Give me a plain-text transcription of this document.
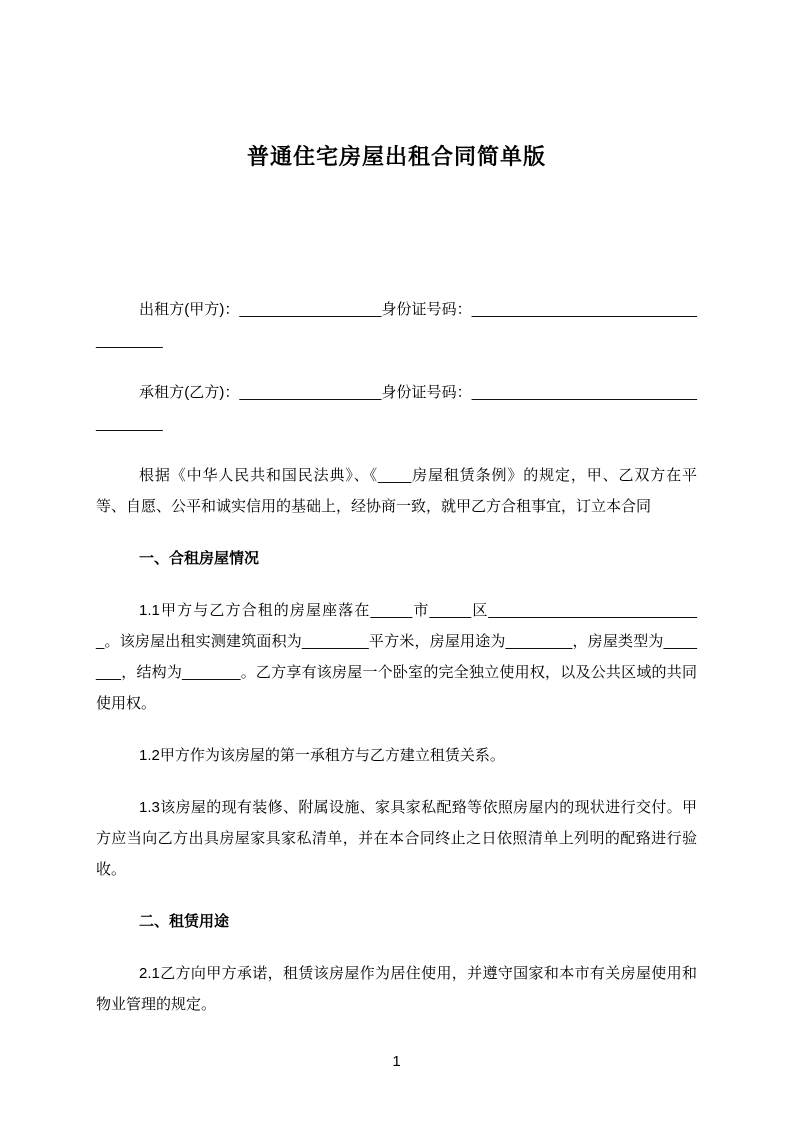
普通住宅房屋出租合同简单版

出租方(甲方)：_________________身份证号码：___________________________________

承租方(乙方)：_________________身份证号码：___________________________________

根据《中华人民共和国民法典》、《____房屋租赁条例》的规定，甲、乙双方在平等、自愿、公平和诚实信用的基础上，经协商一致，就甲乙方合租事宜，订立本合同

一、合租房屋情况

1.1甲方与乙方合租的房屋座落在_____市_____区__________________________。该房屋出租实测建筑面积为________平方米，房屋用途为________，房屋类型为_______，结构为_______。乙方享有该房屋一个卧室的完全独立使用权，以及公共区域的共同使用权。

1.2甲方作为该房屋的第一承租方与乙方建立租赁关系。

1.3该房屋的现有装修、附属设施、家具家私配臵等依照房屋内的现状进行交付。甲方应当向乙方出具房屋家具家私清单，并在本合同终止之日依照清单上列明的配臵进行验收。

二、租赁用途

2.1乙方向甲方承诺，租赁该房屋作为居住使用，并遵守国家和本市有关房屋使用和物业管理的规定。

1
